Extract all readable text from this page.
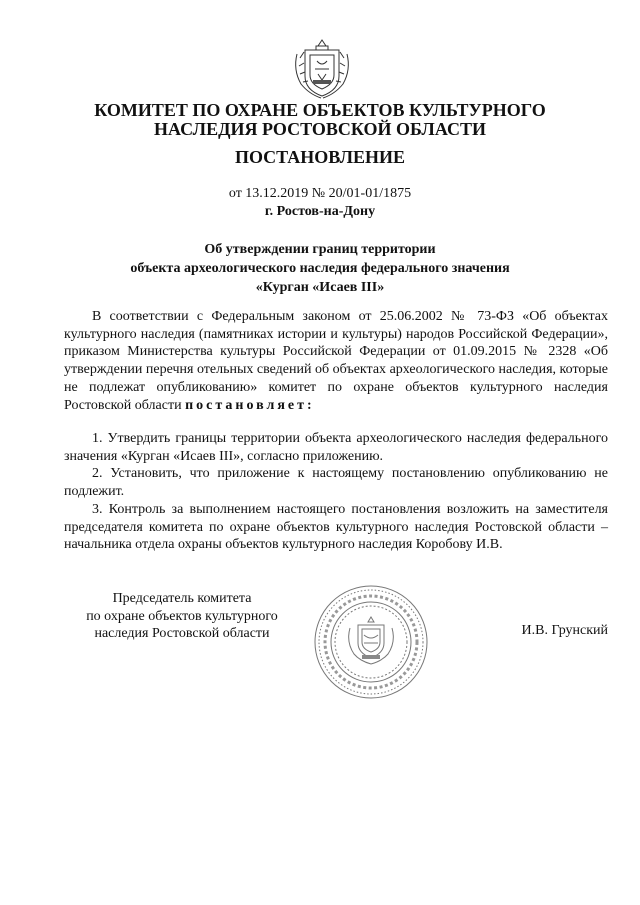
КОМИТЕТ ПО ОХРАНЕ ОБЪЕКТОВ КУЛЬТУРНОГО
НАСЛЕДИЯ РОСТОВСКОЙ ОБЛАСТИ
ПОСТАНОВЛЕНИЕ
от 13.12.2019 № 20/01-01/1875
г. Ростов-на-Дону
Об утверждении границ территории
объекта археологического наследия федерального значения
«Курган «Исаев III»

В соответствии с Федеральным законом от 25.06.2002 № 73-ФЗ «Об объектах культурного наследия (памятниках истории и культуры) народов Российской Федерации», приказом Министерства культуры Российской Федерации от 01.09.2015 № 2328 «Об утверждении перечня отельных сведений об объектах археологического наследия, которые не подлежат опубликованию» комитет по охране объектов культурного наследия Ростовской области постановляет:

1. Утвердить границы территории объекта археологического наследия федерального значения «Курган «Исаев III», согласно приложению.

2. Установить, что приложение к настоящему постановлению опубликованию не подлежит.

3. Контроль за выполнением настоящего постановления возложить на заместителя председателя комитета по охране объектов культурного наследия Ростовской области – начальника отдела охраны объектов культурного наследия Коробову И.В.

Председатель комитета
по охране объектов культурного
наследия Ростовской области	И.В. Грунский
